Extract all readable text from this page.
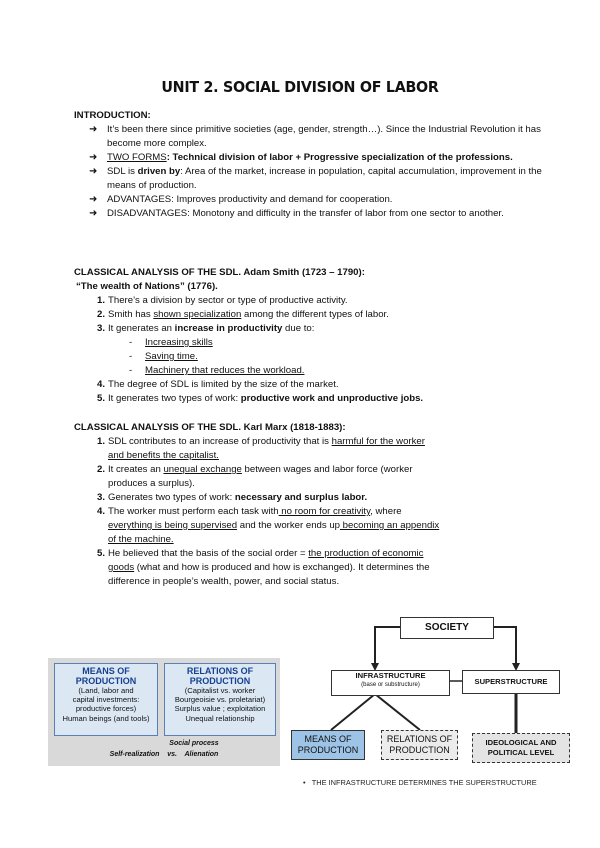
UNIT 2. SOCIAL DIVISION OF LABOR
INTRODUCTION:
➜	It’s been there since primitive societies (age, gender, strength…). Since the Industrial Revolution it has become more complex.
➜	TWO FORMS: Technical division of labor + Progressive specialization of the professions.
➜	SDL is driven by: Area of the market, increase in population, capital accumulation, improvement in the means of production.
➜	ADVANTAGES: Improves productivity and demand for cooperation.
➜	DISADVANTAGES: Monotony and difficulty in the transfer of labor from one sector to another.
CLASSICAL ANALYSIS OF THE SDL. Adam Smith (1723 – 1790):
“The wealth of Nations” (1776).
1. There’s a division by sector or type of productive activity.
2. Smith has shown specialization among the different types of labor.
3. It generates an increase in productivity due to:
-	Increasing skills
-	Saving time.
-	Machinery that reduces the workload.
4. The degree of SDL is limited by the size of the market.
5. It generates two types of work: productive work and unproductive jobs.
CLASSICAL ANALYSIS OF THE SDL. Karl Marx (1818-1883):
1. SDL contributes to an increase of productivity that is harmful for the worker
and benefits the capitalist.
2. It creates an unequal exchange between wages and labor force (worker
produces a surplus).
3. Generates two types of work: necessary and surplus labor.
4. The worker must perform each task with no room for creativity, where
everything is being supervised and the worker ends up becoming an appendix
of the machine.
5. He believed that the basis of the social order = the production of economic
goods (what and how is produced and how is exchanged). It determines the
difference in people’s wealth, power, and social status.
MEANS OF
PRODUCTION
(Land, labor and
capital investments:
productive forces)
Human beings (and tools)
RELATIONS OF
PRODUCTION
(Capitalist vs. worker
Bourgeoisie vs. proletariat)
Surplus value ; exploitation
Unequal relationship
Social process
Self-realization vs. Alienation
SOCIETY
INFRASTRUCTURE
(base or substructure)	SUPERSTRUCTURE
MEANS OF
PRODUCTION
RELATIONS OF
PRODUCTION
IDEOLOGICAL AND
POLITICAL LEVEL
• THE INFRASTRUCTURE DETERMINES THE SUPERSTRUCTURE
